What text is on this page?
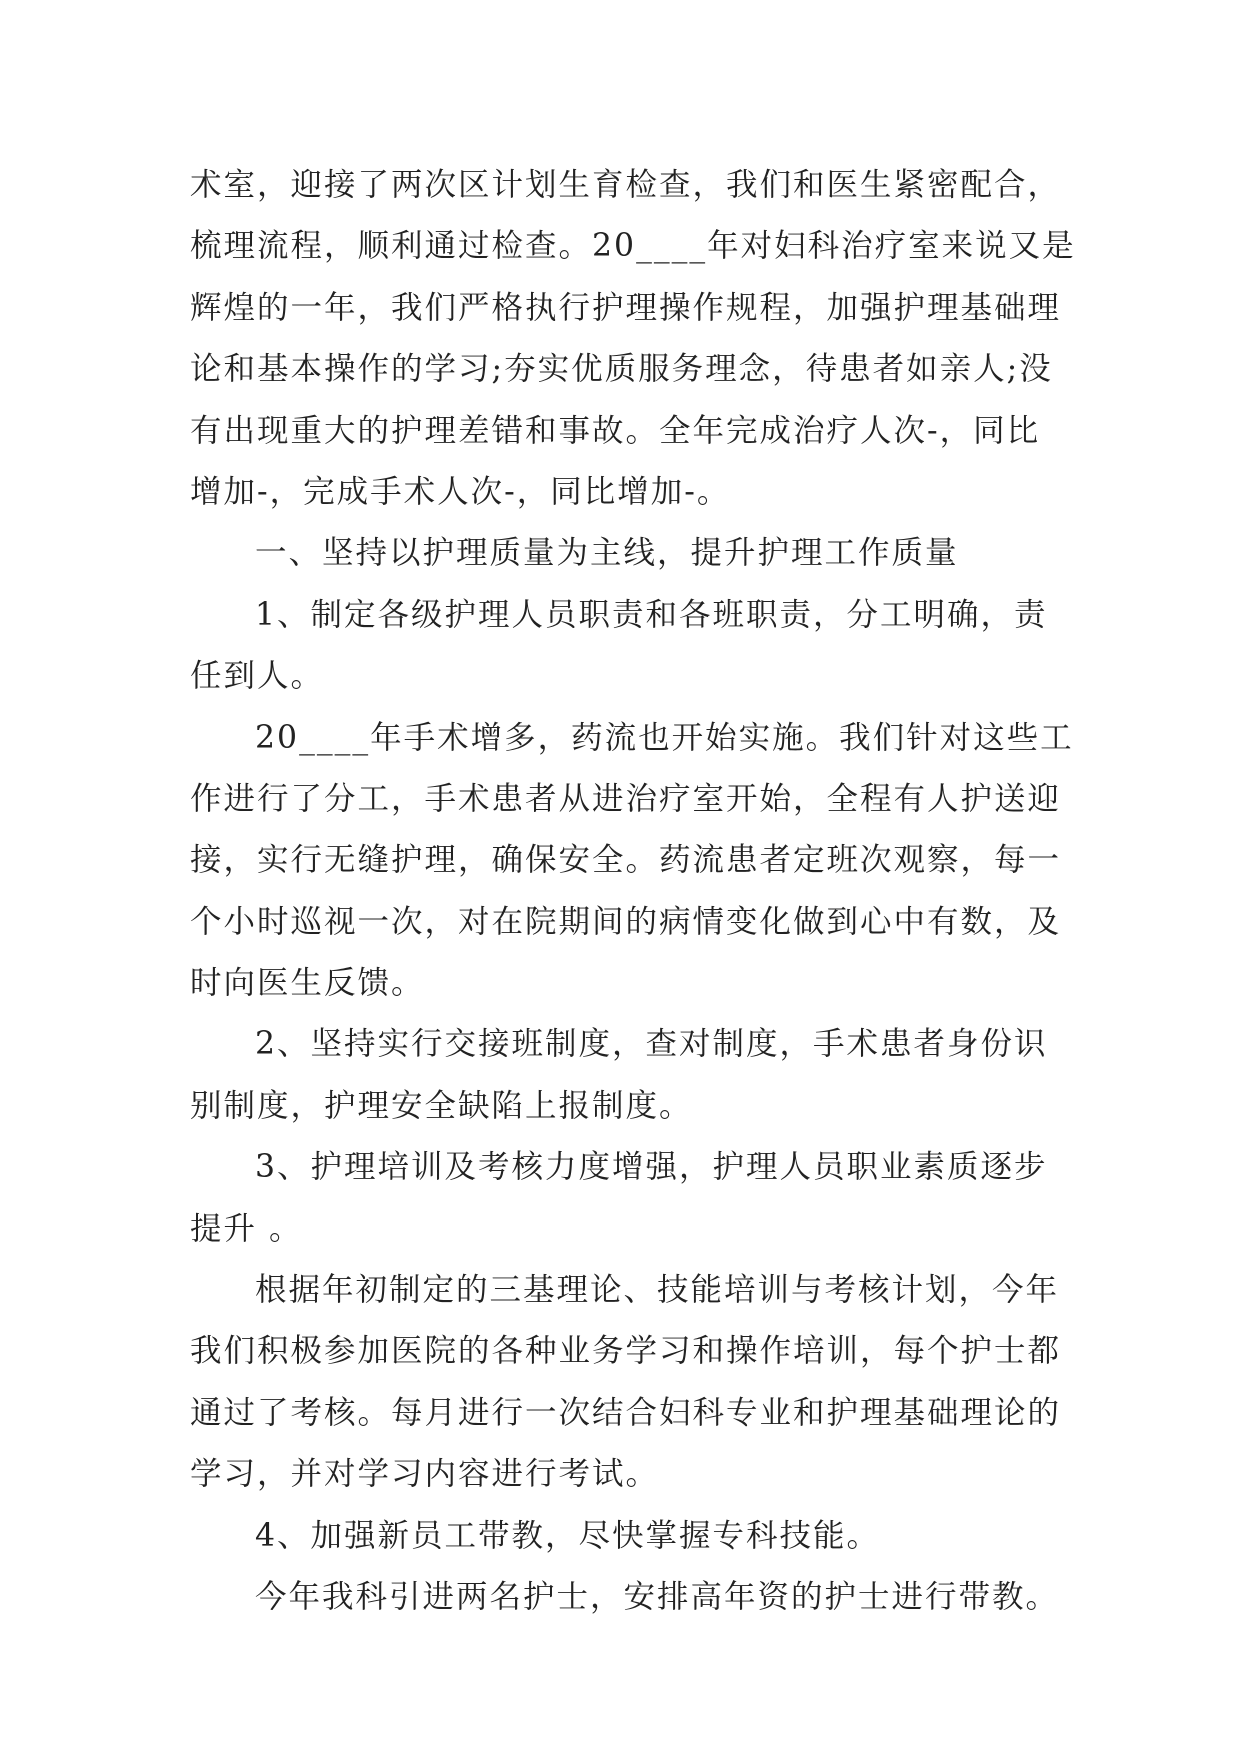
术室，迎接了两次区计划生育检查，我们和医生紧密配合，
梳理流程，顺利通过检查。20____年对妇科治疗室来说又是
辉煌的一年，我们严格执行护理操作规程，加强护理基础理
论和基本操作的学习;夯实优质服务理念，待患者如亲人;没
有出现重大的护理差错和事故。全年完成治疗人次-，同比
增加-，完成手术人次-，同比增加-。
一、坚持以护理质量为主线，提升护理工作质量
1、制定各级护理人员职责和各班职责，分工明确，责
任到人。
20____年手术增多，药流也开始实施。我们针对这些工
作进行了分工，手术患者从进治疗室开始，全程有人护送迎
接，实行无缝护理，确保安全。药流患者定班次观察，每一
个小时巡视一次，对在院期间的病情变化做到心中有数，及
时向医生反馈。
2、坚持实行交接班制度，查对制度，手术患者身份识
别制度，护理安全缺陷上报制度。
3、护理培训及考核力度增强，护理人员职业素质逐步
提升 。
根据年初制定的三基理论、技能培训与考核计划，今年
我们积极参加医院的各种业务学习和操作培训，每个护士都
通过了考核。每月进行一次结合妇科专业和护理基础理论的
学习，并对学习内容进行考试。
4、加强新员工带教，尽快掌握专科技能。
今年我科引进两名护士，安排高年资的护士进行带教。
